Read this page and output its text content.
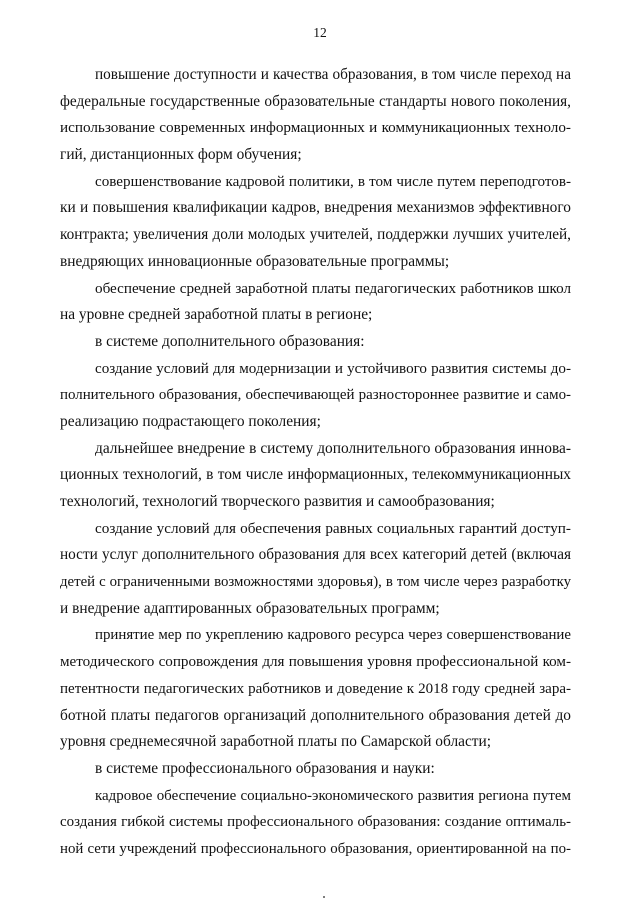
12
повышение доступности и качества образования, в том числе переход на
федеральные государственные образовательные стандарты нового поколения,
использование современных информационных и коммуникационных техноло-
гий, дистанционных форм обучения;
совершенствование кадровой политики, в том числе путем переподготов-
ки и повышения квалификации кадров, внедрения механизмов эффективного
контракта; увеличения доли молодых учителей, поддержки лучших учителей,
внедряющих инновационные образовательные программы;
обеспечение средней заработной платы педагогических работников школ
на уровне средней заработной платы в регионе;
в системе дополнительного образования:
создание условий для модернизации и устойчивого развития системы до-
полнительного образования, обеспечивающей разностороннее развитие и само-
реализацию подрастающего поколения;
дальнейшее внедрение в систему дополнительного образования иннова-
ционных технологий, в том числе информационных, телекоммуникационных
технологий, технологий творческого развития и самообразования;
создание условий для обеспечения равных социальных гарантий доступ-
ности услуг дополнительного образования для всех категорий детей (включая
детей с ограниченными возможностями здоровья), в том числе через разработку
и внедрение адаптированных образовательных программ;
принятие мер по укреплению кадрового ресурса через совершенствование
методического сопровождения для повышения уровня профессиональной ком-
петентности педагогических работников и доведение к 2018 году средней зара-
ботной платы педагогов организаций дополнительного образования детей до
уровня среднемесячной заработной платы по Самарской области;
в системе профессионального образования и науки:
кадровое обеспечение социально-экономического развития региона путем
создания гибкой системы профессионального образования: создание оптималь-
ной сети учреждений профессионального образования, ориентированной на по-
